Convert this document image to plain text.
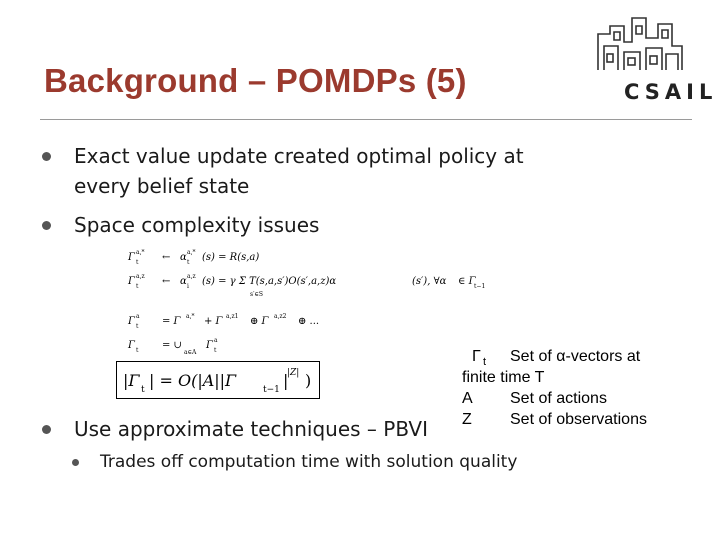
Background – POMDPs (5)	CSAIL
Exact value update created optimal policy at
every belief state
Space complexity issues
Γ a,*
t ← α a,*
t (s) = R(s,a)
Γ a,z
t ← α a,z
i (s) = γ Σ T(s,a,s′)O(s′,a,z)α
s′∈S
(s′), ∀α ∈ Γ
t−1
Γ a
t = Γ a,* + Γ a,z1 ⊕ Γ a,z2 ⊕ ...
Γ t = ∪
a∈A
Γ a
t
|Γ t | = O(|A||Γ	t−1 |
|Z| )
Γ t Set of α-vectors at
finite time T
A Set of actions
Z Set of observations
Use approximate techniques – PBVI
Trades off computation time with solution quality
